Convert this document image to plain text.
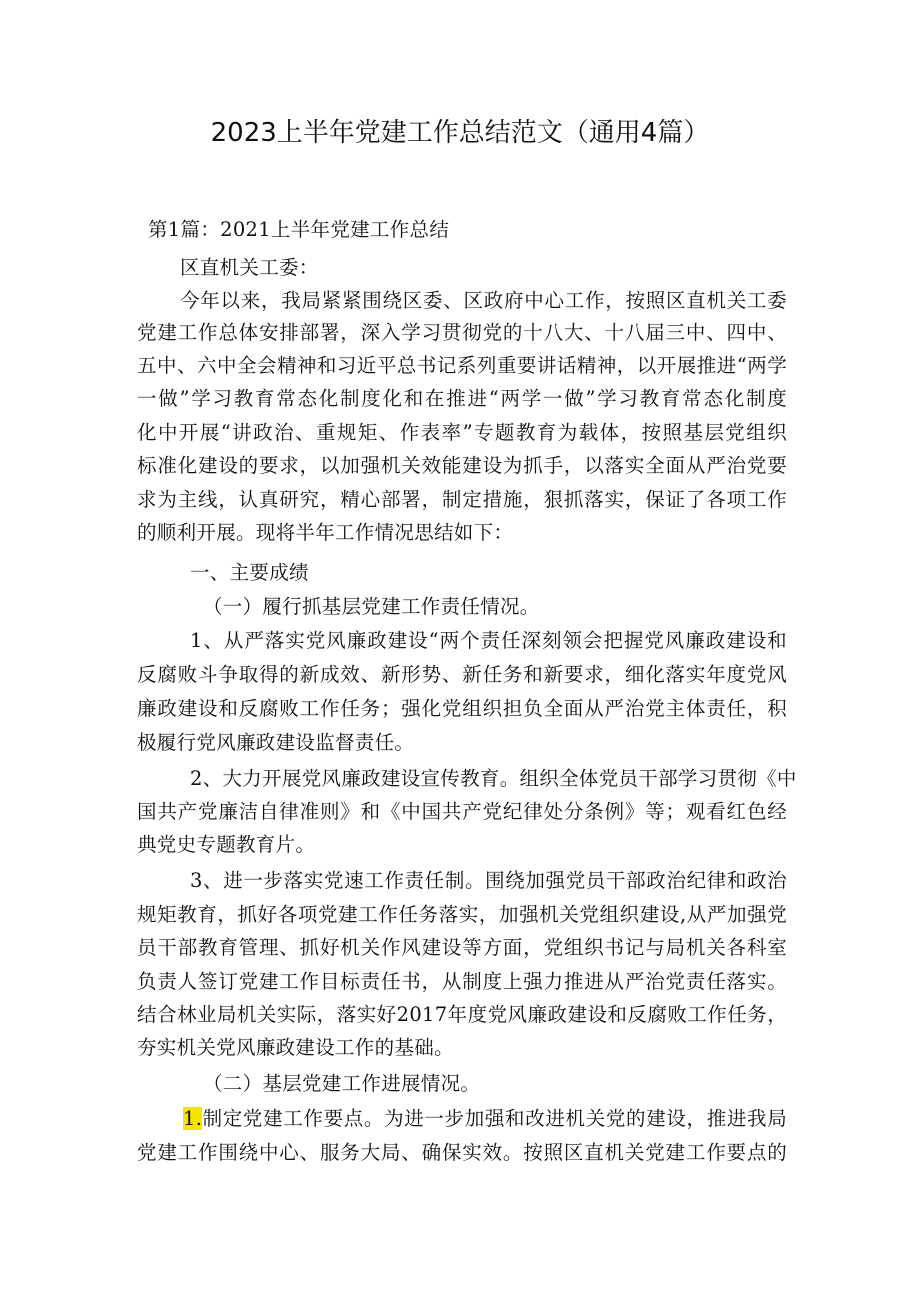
2023上半年党建工作总结范文（通用4篇）
第1篇：2021上半年党建工作总结
区直机关工委：
今年以来，我局紧紧围绕区委、区政府中心工作，按照区直机关工委
党建工作总体安排部署，深入学习贯彻党的十八大、十八届三中、四中、
五中、六中全会精神和习近平总书记系列重要讲话精神，以开展推进“两学
一做”学习教育常态化制度化和在推进“两学一做”学习教育常态化制度
化中开展“讲政治、重规矩、作表率”专题教育为载体，按照基层党组织
标准化建设的要求，以加强机关效能建设为抓手，以落实全面从严治党要
求为主线，认真研究，精心部署，制定措施，狠抓落实，保证了各项工作
的顺利开展。现将半年工作情况思结如下：
一、主要成绩
（一）履行抓基层党建工作责任情况。
1、从严落实党风廉政建设“两个责任深刻领会把握党风廉政建设和
反腐败斗争取得的新成效、新形势、新任务和新要求，细化落实年度党风
廉政建设和反腐败工作任务；强化党组织担负全面从严治党主体责任，积
极履行党风廉政建设监督责任。
2、大力开展党风廉政建设宣传教育。组织全体党员干部学习贯彻《中
国共产党廉洁自律准则》和《中国共产党纪律处分条例》等；观看红色经
典党史专题教育片。
3、进一步落实党速工作责任制。围绕加强党员干部政治纪律和政治
规矩教育，抓好各项党建工作任务落实，加强机关党组织建设,从严加强党
员干部教育管理、抓好机关作风建设等方面，党组织书记与局机关各科室
负责人签订党建工作目标责任书，从制度上强力推进从严治党责任落实。
结合林业局机关实际，落实好2017年度党风廉政建设和反腐败工作任务，
夯实机关党风廉政建设工作的基础。
（二）基层党建工作进展情况。
1.制定党建工作要点。为进一步加强和改进机关党的建设，推进我局
党建工作围绕中心、服务大局、确保实效。按照区直机关党建工作要点的
